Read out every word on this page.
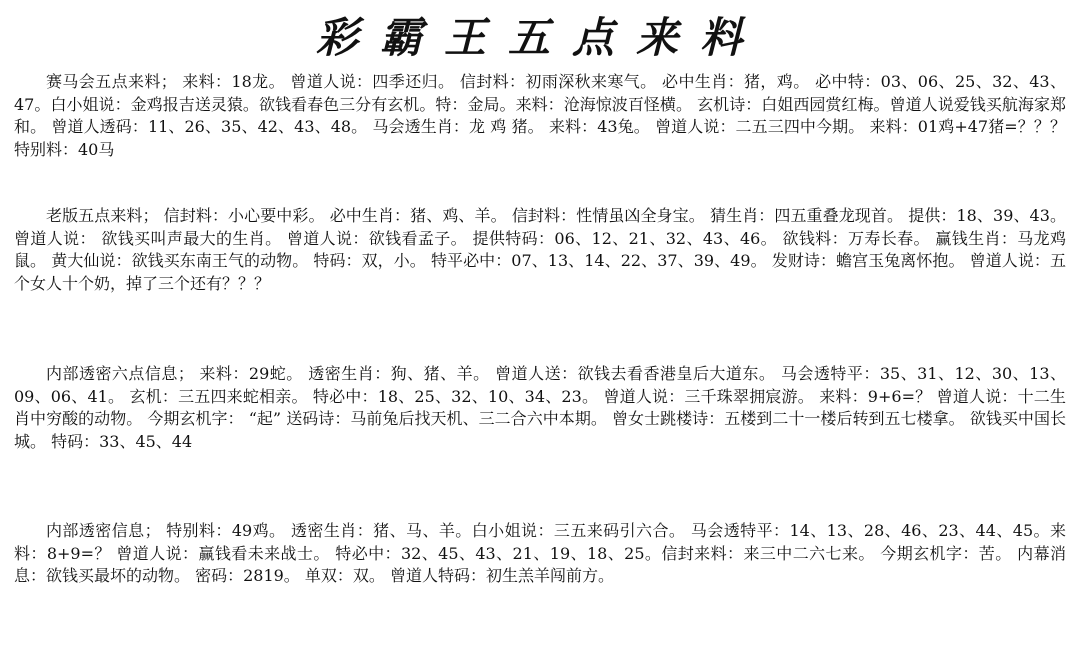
彩霸王五点来料

赛马会五点来料； 来料：18龙。 曾道人说：四季还归。 信封料：初雨深秋来寒气。 必中生肖：猪，鸡。 必中特：03、06、25、32、43、47。白小姐说：金鸡报吉送灵猿。欲钱看春色三分有玄机。特：金局。来料：沧海惊波百怪横。 玄机诗：白姐西园赏红梅。曾道人说爱钱买航海家郑和。 曾道人透码：11、26、35、42、43、48。 马会透生肖：龙 鸡 猪。 来料：43兔。 曾道人说：二五三四中今期。 来料：01鸡+47猪=？？？ 特别料：40马

老版五点来料； 信封料：小心要中彩。 必中生肖：猪、鸡、羊。 信封料：性情虽凶全身宝。 猜生肖：四五重叠龙现首。 提供：18、39、43。 曾道人说： 欲钱买叫声最大的生肖。 曾道人说：欲钱看孟子。 提供特码：06、12、21、32、43、46。 欲钱料：万寿长春。 赢钱生肖：马龙鸡鼠。 黄大仙说：欲钱买东南王气的动物。 特码：双，小。 特平必中：07、13、14、22、37、39、49。 发财诗：蟾宫玉兔离怀抱。 曾道人说：五个女人十个奶，掉了三个还有？？？

内部透密六点信息； 来料：29蛇。 透密生肖：狗、猪、羊。 曾道人送：欲钱去看香港皇后大道东。 马会透特平：35、31、12、30、13、09、06、41。 玄机：三五四来蛇相亲。 特必中：18、25、32、10、34、23。 曾道人说：三千珠翠拥宸游。 来料：9+6=？ 曾道人说：十二生肖中穷酸的动物。 今期玄机字： “起” 送码诗：马前兔后找天机、三二合六中本期。 曾女士跳楼诗：五楼到二十一楼后转到五七楼拿。 欲钱买中国长城。 特码：33、45、44

内部透密信息； 特别料：49鸡。 透密生肖：猪、马、羊。白小姐说：三五来码引六合。 马会透特平：14、13、28、46、23、44、45。来料：8+9=？ 曾道人说：赢钱看未来战士。 特必中：32、45、43、21、19、18、25。信封来料：来三中二六七来。 今期玄机字：苦。 内幕消息：欲钱买最坏的动物。 密码：2819。 单双：双。 曾道人特码：初生羔羊闯前方。
